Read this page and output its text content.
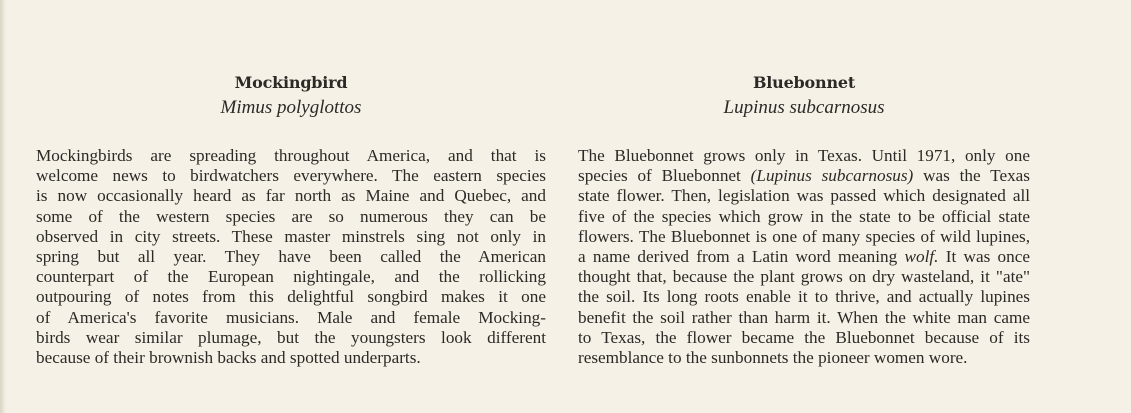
Mockingbird
Mimus polyglottos
Mockingbirds are spreading throughout America, and that is
welcome news to birdwatchers everywhere. The eastern species
is now occasionally heard as far north as Maine and Quebec, and
some of the western species are so numerous they can be
observed in city streets. These master minstrels sing not only in
spring but all year. They have been called the American
counterpart of the European nightingale, and the rollicking
outpouring of notes from this delightful songbird makes it one
of America's favorite musicians. Male and female Mocking-
birds wear similar plumage, but the youngsters look different
because of their brownish backs and spotted underparts.
Bluebonnet
Lupinus subcarnosus
The Bluebonnet grows only in Texas. Until 1971, only one
species of Bluebonnet (Lupinus subcarnosus) was the Texas
state flower. Then, legislation was passed which designated all
five of the species which grow in the state to be official state
flowers. The Bluebonnet is one of many species of wild lupines,
a name derived from a Latin word meaning wolf. It was once
thought that, because the plant grows on dry wasteland, it "ate"
the soil. Its long roots enable it to thrive, and actually lupines
benefit the soil rather than harm it. When the white man came
to Texas, the flower became the Bluebonnet because of its
resemblance to the sunbonnets the pioneer women wore.
